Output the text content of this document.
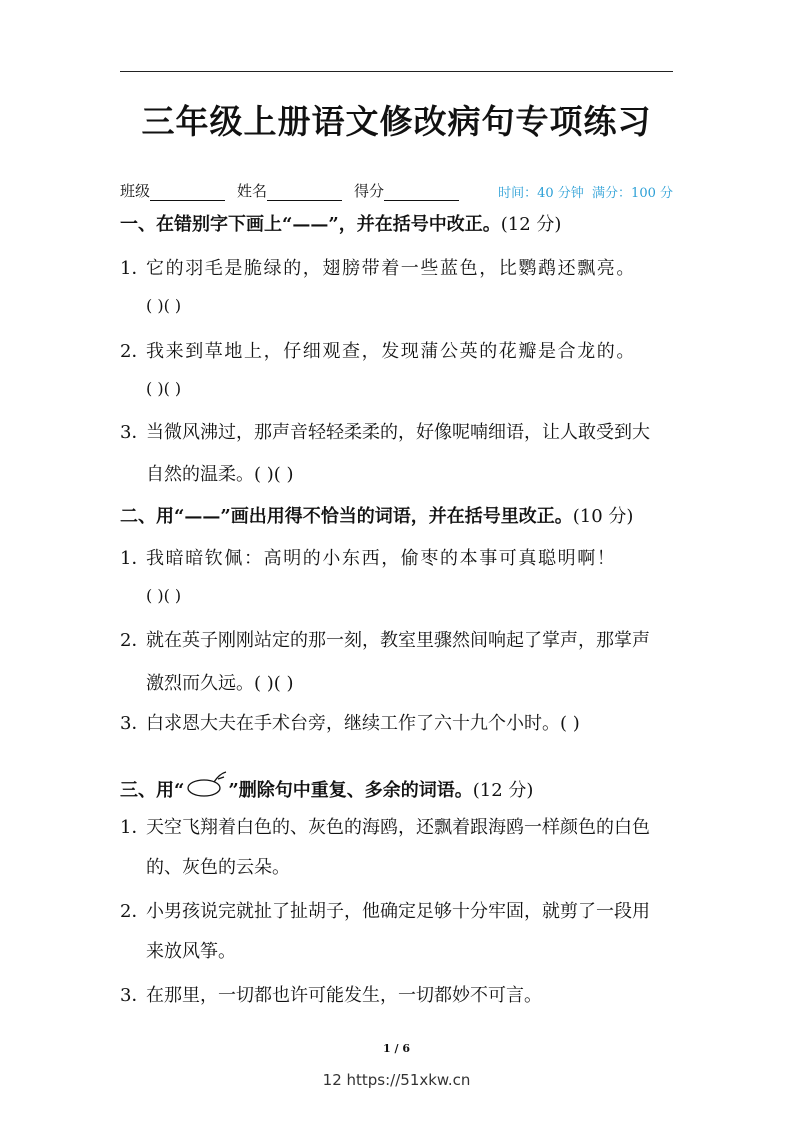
三年级上册语文修改病句专项练习
班级	姓名	得分	时间：40 分钟 满分：100 分
一、在错别字下画上“——”，并在括号中改正。(12 分)
1．它的羽毛是脆绿的，翅膀带着一些蓝色，比鹦鹉还飘亮。
( )( )
2．我来到草地上，仔细观查，发现蒲公英的花瓣是合龙的。
( )( )
3．当微风沸过，那声音轻轻柔柔的，好像呢喃细语，让人敢受到大
自然的温柔。( )( )
二、用“——”画出用得不恰当的词语，并在括号里改正。(10 分)
1．我暗暗钦佩：高明的小东西，偷枣的本事可真聪明啊！
( )( )
2．就在英子刚刚站定的那一刻，教室里骤然间响起了掌声，那掌声
激烈而久远。( )( )
3．白求恩大夫在手术台旁，继续工作了六十九个小时。( )
三、用“ ”删除句中重复、多余的词语。(12 分)
1．天空飞翔着白色的、灰色的海鸥，还飘着跟海鸥一样颜色的白色
的、灰色的云朵。
2．小男孩说完就扯了扯胡子，他确定足够十分牢固，就剪了一段用
来放风筝。
3．在那里，一切都也许可能发生，一切都妙不可言。
1 / 6
12 https://51xkw.cn
